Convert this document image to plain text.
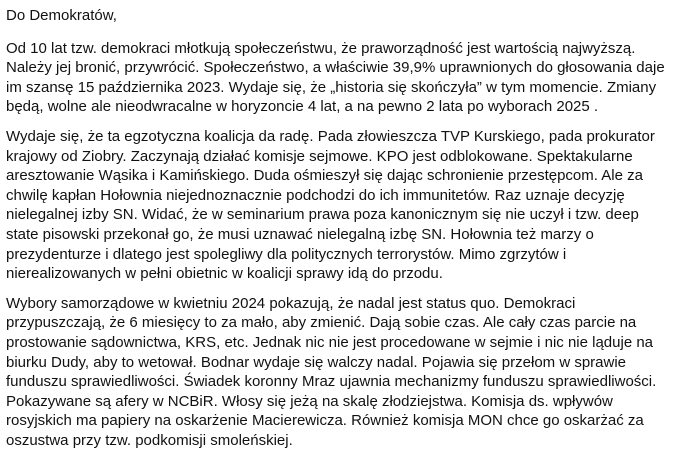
Do Demokratów,

Od 10 lat tzw. demokraci młotkują społeczeństwu, że praworządność jest wartością najwyższą. Należy jej bronić, przywrócić. Społeczeństwo, a właściwie 39,9% uprawnionych do głosowania daje im szansę 15 października 2023. Wydaje się, że „historia się skończyła” w tym momencie. Zmiany będą, wolne ale nieodwracalne w horyzoncie 4 lat, a na pewno 2 lata po wyborach 2025 .

Wydaje się, że ta egzotyczna koalicja da radę. Pada złowieszcza TVP Kurskiego, pada prokurator krajowy od Ziobry. Zaczynają działać komisje sejmowe. KPO jest odblokowane. Spektakularne aresztowanie Wąsika i Kamińskiego. Duda ośmieszył się dając schronienie przestępcom. Ale za chwilę kapłan Hołownia niejednoznacznie podchodzi do ich immunitetów. Raz uznaje decyzję nielegalnej izby SN. Widać, że w seminarium prawa poza kanonicznym się nie uczył i tzw. deep state pisowski przekonał go, że musi uznawać nielegalną izbę SN. Hołownia też marzy o prezydenturze i dlatego jest spolegliwy dla politycznych terrorystów. Mimo zgrzytów i nierealizowanych w pełni obietnic w koalicji sprawy idą do przodu.

Wybory samorządowe w kwietniu 2024 pokazują, że nadal jest status quo. Demokraci przypuszczają, że 6 miesięcy to za mało, aby zmienić. Dają sobie czas. Ale cały czas parcie na prostowanie sądownictwa, KRS, etc. Jednak nic nie jest procedowane w sejmie i nic nie ląduje na biurku Dudy, aby to wetował. Bodnar wydaje się walczy nadal. Pojawia się przełom w sprawie funduszu sprawiedliwości. Świadek koronny Mraz ujawnia mechanizmy funduszu sprawiedliwości. Pokazywane są afery w NCBiR. Włosy się jeżą na skalę złodziejstwa. Komisja ds. wpływów rosyjskich ma papiery na oskarżenie Macierewicza. Również komisja MON chce go oskarżać za oszustwa przy tzw. podkomisji smoleńskiej.
